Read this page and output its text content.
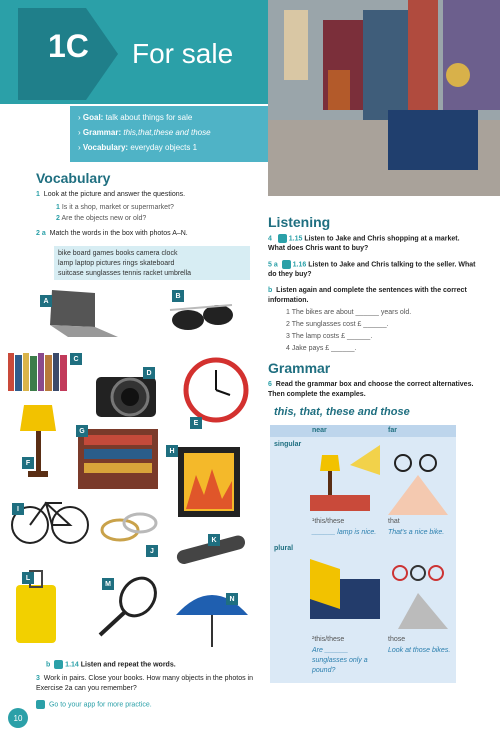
1C For sale
› Goal: talk about things for sale
› Grammar: this,that,these and those
› Vocabulary: everyday objects 1
Vocabulary
1 Look at the picture and answer the questions.
1 Is it a shop, market or supermarket?
2 Are the objects new or old?
2 a Match the words in the box with photos A–N.
bike board games books camera clock
lamp laptop pictures rings skateboard
suitcase sunglasses tennis racket umbrella
A
B
C
D
E
F
G
H
I
J
K
L
M
N
b 1.14 Listen and repeat the words.
3 Work in pairs. Close your books. How many objects in the photos in Exercise 2a can you remember?
Go to your app for more practice.
10
Listening
4 1.15 Listen to Jake and Chris shopping at a market. What does Chris want to buy?
5 a 1.16 Listen to Jake and Chris talking to the seller. What do they buy?
b Listen again and complete the sentences with the correct information.
1 The bikes are about ______ years old.
2 The sunglasses cost £ ______.
3 The lamp costs £ ______.
4 Jake pays £ ______.
Grammar
6 Read the grammar box and choose the correct alternatives. Then complete the examples.
this, that, these and those
near	far
singular
plural
¹this/these
______ lamp is nice.
that
That's a nice bike.
²this/these
Are ______ sunglasses only a pound?
those
Look at those bikes.
